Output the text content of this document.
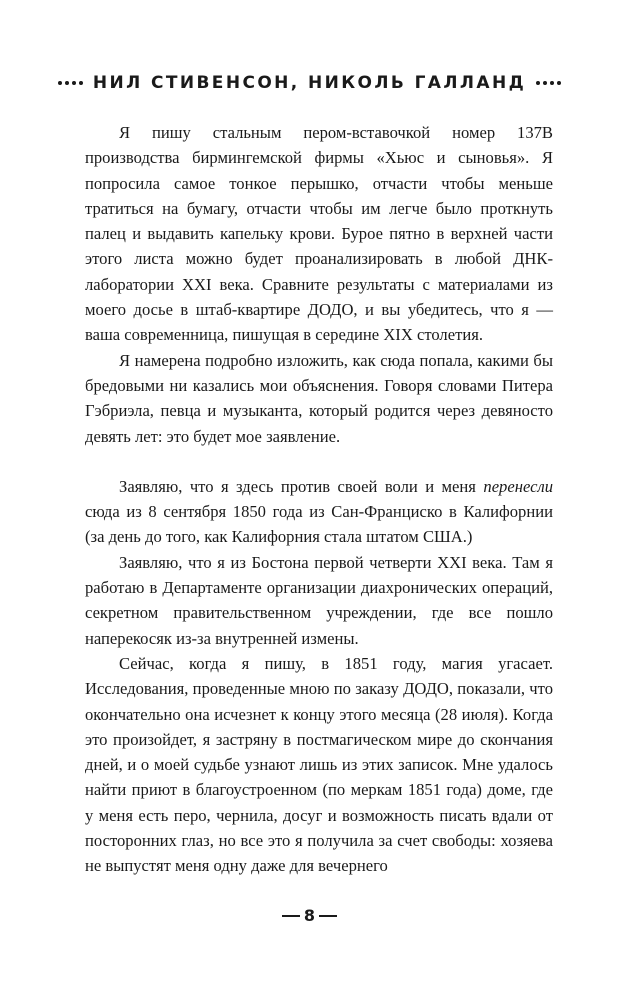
НИЛ СТИВЕНСОН, НИКОЛЬ ГАЛЛАНД

Я пишу стальным пером-вставочкой номер 137B производства бирмингемской фирмы «Хьюс и сыновья». Я попросила самое тонкое перышко, отчасти чтобы меньше тратиться на бумагу, отчасти чтобы им легче было проткнуть палец и выдавить капельку крови. Бурое пятно в верхней части этого листа можно будет проанализировать в любой ДНК-лаборатории XXI века. Сравните результаты с материалами из моего досье в штаб-квартире ДОДО, и вы убедитесь, что я — ваша современница, пишущая в середине XIX столетия.

Я намерена подробно изложить, как сюда попала, какими бы бредовыми ни казались мои объяснения. Говоря словами Питера Гэбриэла, певца и музыканта, который родится через девяносто девять лет: это будет мое заявление.

Заявляю, что я здесь против своей воли и меня перенесли сюда из 8 сентября 1850 года из Сан-Франциско в Калифорнии (за день до того, как Калифорния стала штатом США.)

Заявляю, что я из Бостона первой четверти XXI века. Там я работаю в Департаменте организации диахронических операций, секретном правительственном учреждении, где все пошло наперекосяк из-за внутренней измены.

Сейчас, когда я пишу, в 1851 году, магия угасает. Исследования, проведенные мною по заказу ДОДО, показали, что окончательно она исчезнет к концу этого месяца (28 июля). Когда это произойдет, я застряну в постмагическом мире до скончания дней, и о моей судьбе узнают лишь из этих записок. Мне удалось найти приют в благоустроенном (по меркам 1851 года) доме, где у меня есть перо, чернила, досуг и возможность писать вдали от посторонних глаз, но все это я получила за счет свободы: хозяева не выпустят меня одну даже для вечернего

8
